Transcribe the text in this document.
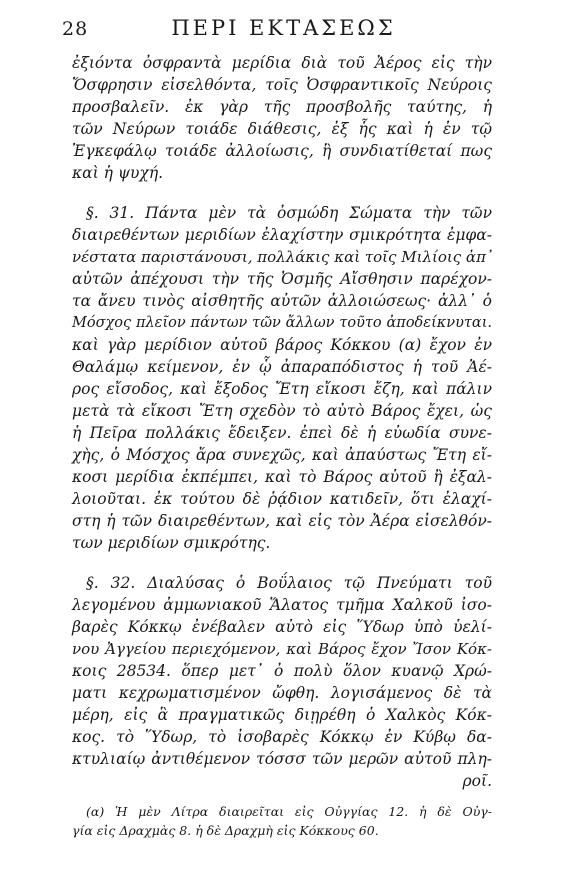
28	ΠΕΡΙ ΕΚΤΑΣΕΩΣ
ἐξιόντα ὀσφραντὰ μερίδια διὰ τοῦ Ἀέρος εἰς τὴν
Ὄσφρησιν εἰσελθόντα, τοῖς Ὀσφραντικοῖς Νεύροις
προσβαλεῖν. ἐκ γὰρ τῆς προσβολῆς ταύτης, ἡ
τῶν Νεύρων τοιάδε διάθεσις, ἐξ ἧς καὶ ἡ ἐν τῷ
Ἐγκεφάλῳ τοιάδε ἀλλοίωσις, ἣ συνδιατίθεταί πως
καὶ ἡ ψυχή.
§. 31. Πάντα μὲν τὰ ὀσμώδη Σώματα τὴν τῶν
διαιρεθέντων μεριδίων ἐλαχίστην σμικρότητα ἐμφα-
νέστατα παριστάνουσι, πολλάκις καὶ τοῖς Μιλίοις ἀπ᾽
αὐτῶν ἀπέχουσι τὴν τῆς Ὀσμῆς Αἴσθησιν παρέχον-
τα ἄνευ τινὸς αἰσθητῆς αὐτῶν ἀλλοιώσεως· ἀλλ᾽ ὁ
Μόσχος πλεῖον πάντων τῶν ἄλλων τοῦτο ἀποδείκνυται.
καὶ γὰρ μερίδιον αὐτοῦ βάρος Κόκκου (α) ἔχον ἐν
Θαλάμῳ κείμενον, ἐν ᾧ ἀπαραπόδιστος ἡ τοῦ Ἀέ-
ρος εἴσοδος, καὶ ἔξοδος Ἔτη εἴκοσι ἔζη, καὶ πάλιν
μετὰ τὰ εἴκοσι Ἔτη σχεδὸν τὸ αὐτὸ Βάρος ἔχει, ὡς
ἡ Πεῖρα πολλάκις ἔδειξεν. ἐπεὶ δὲ ἡ εὐωδία συνε-
χὴς, ὁ Μόσχος ἄρα συνεχῶς, καὶ ἀπαύστως Ἔτη εἴ-
κοσι μερίδια ἐκπέμπει, καὶ τὸ Βάρος αὐτοῦ ἢ ἐξαλ-
λοιοῦται. ἐκ τούτου δὲ ῥᾴδιον κατιδεῖν, ὅτι ἐλαχί-
στη ἡ τῶν διαιρεθέντων, καὶ εἰς τὸν Ἀέρα εἰσελθόν-
των μεριδίων σμικρότης.
§. 32. Διαλύσας ὁ Βοΰλαιος τῷ Πνεύματι τοῦ
λεγομένου ἀμμωνιακοῦ Ἅλατος τμῆμα Χαλκοῦ ἰσο-
βαρὲς Κόκκῳ ἐνέβαλεν αὐτὸ εἰς Ὕδωρ ὑπὸ ὑελί-
νου Ἀγγείου περιεχόμενον, καὶ Βάρος ἔχον Ἴσον Κόκ-
κοις 28534. ὅπερ μετ᾽ ὀ πολὺ ὅλον κυανῷ Χρώ-
ματι κεχρωματισμένον ὤφθη. λογισάμενος δὲ τὰ
μέρη, εἰς ἃ πραγματικῶς διῃρέθη ὁ Χαλκὸς Κόκ-
κος. τὸ Ὕδωρ, τὸ ἰσοβαρὲς Κόκκῳ ἐν Κύβῳ δα-
κτυλιαίῳ ἀντιθέμενον τόσσσ τῶν μερῶν αὐτοῦ πλη-
ροῖ.
(α) Ἡ μὲν Λίτρα διαιρεῖται εἰς Οὐγγίας 12. ἡ δὲ Οὐγ-
γία εἰς Δραχμὰς 8. ἡ δὲ Δραχμὴ εἰς Κόκκους 60.
